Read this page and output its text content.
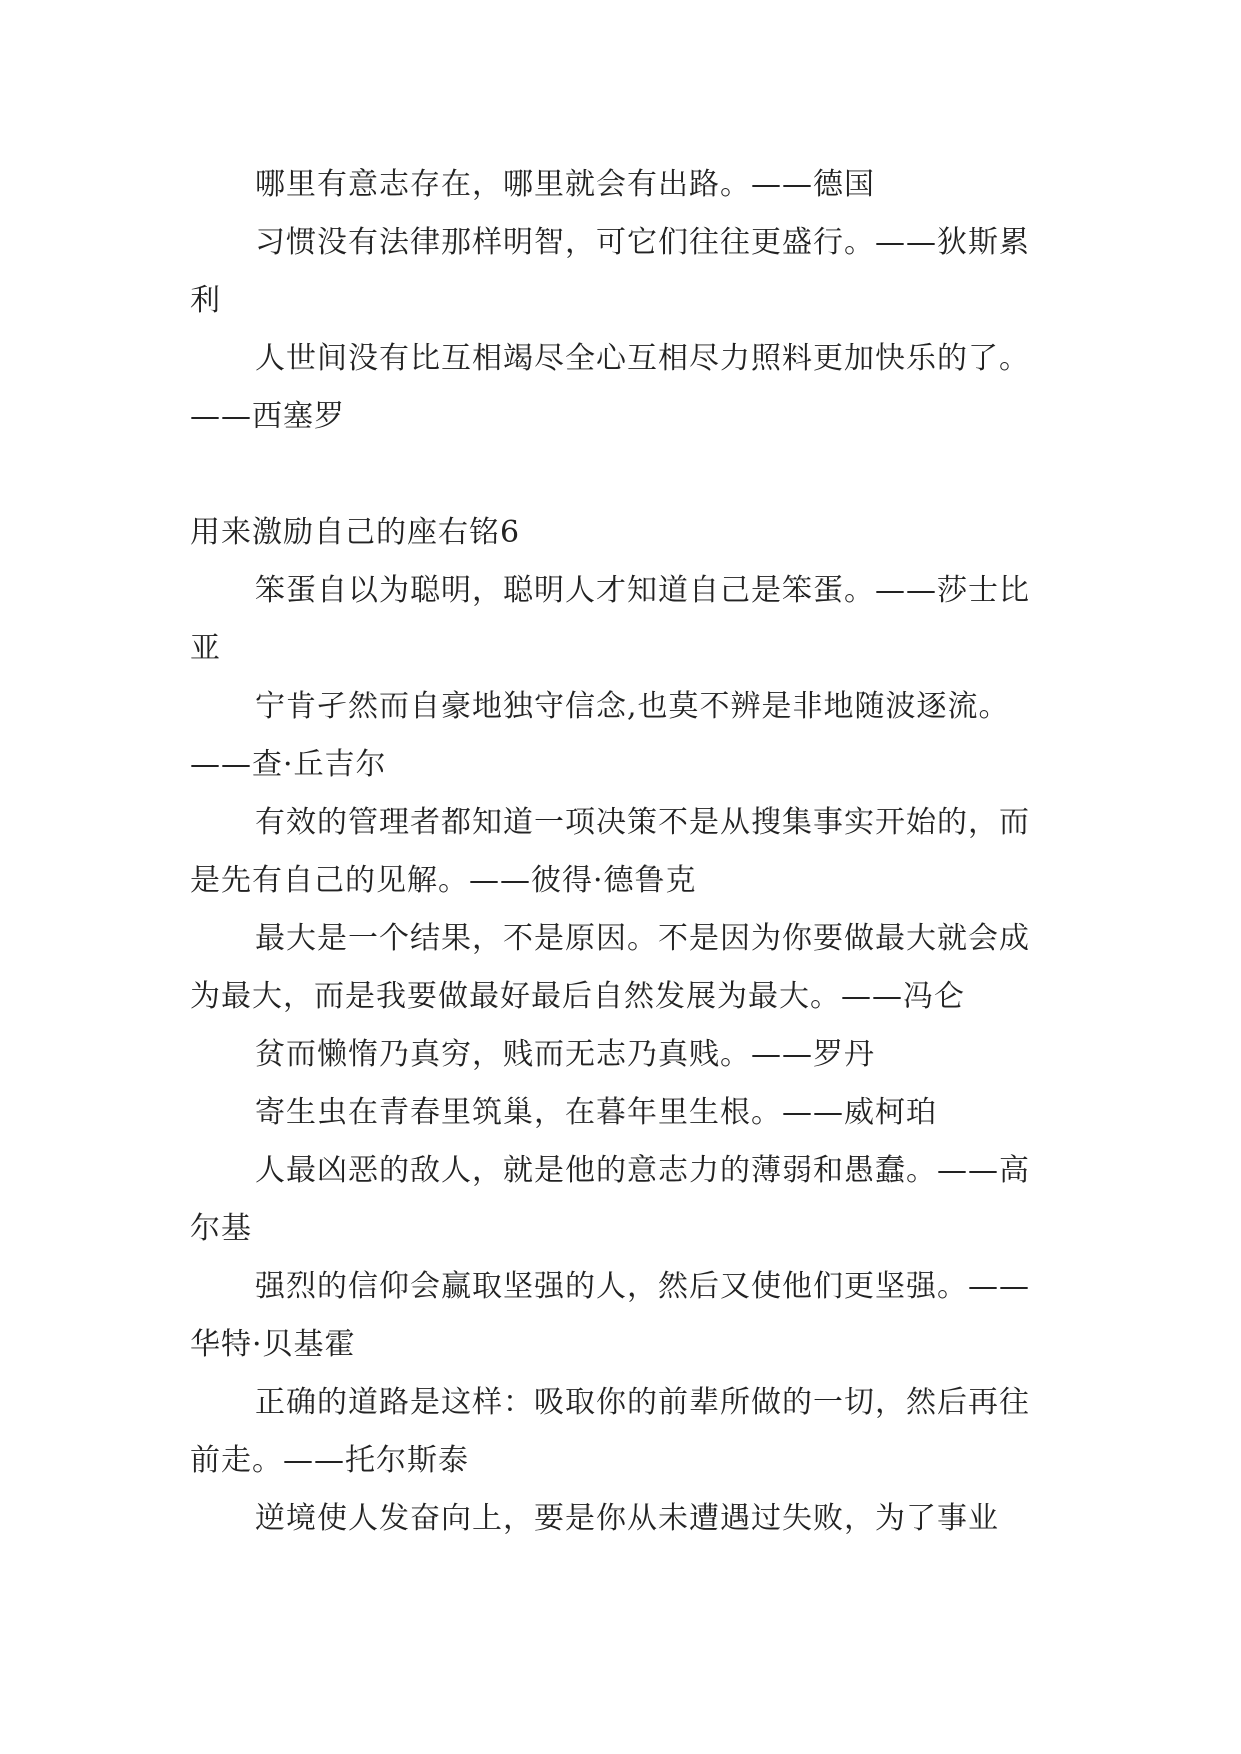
哪里有意志存在，哪里就会有出路。——德国

习惯没有法律那样明智，可它们往往更盛行。——狄斯累利

人世间没有比互相竭尽全心互相尽力照料更加快乐的了。——西塞罗

用来激励自己的座右铭6

笨蛋自以为聪明，聪明人才知道自己是笨蛋。——莎士比亚

宁肯孑然而自豪地独守信念,也莫不辨是非地随波逐流。——查·丘吉尔

有效的管理者都知道一项决策不是从搜集事实开始的，而是先有自己的见解。——彼得·德鲁克

最大是一个结果，不是原因。不是因为你要做最大就会成为最大，而是我要做最好最后自然发展为最大。——冯仑

贫而懒惰乃真穷，贱而无志乃真贱。——罗丹

寄生虫在青春里筑巢，在暮年里生根。——威柯珀

人最凶恶的敌人，就是他的意志力的薄弱和愚蠢。——高尔基

强烈的信仰会赢取坚强的人，然后又使他们更坚强。——华特·贝基霍

正确的道路是这样：吸取你的前辈所做的一切，然后再往前走。——托尔斯泰

逆境使人发奋向上，要是你从未遭遇过失败，为了事业
